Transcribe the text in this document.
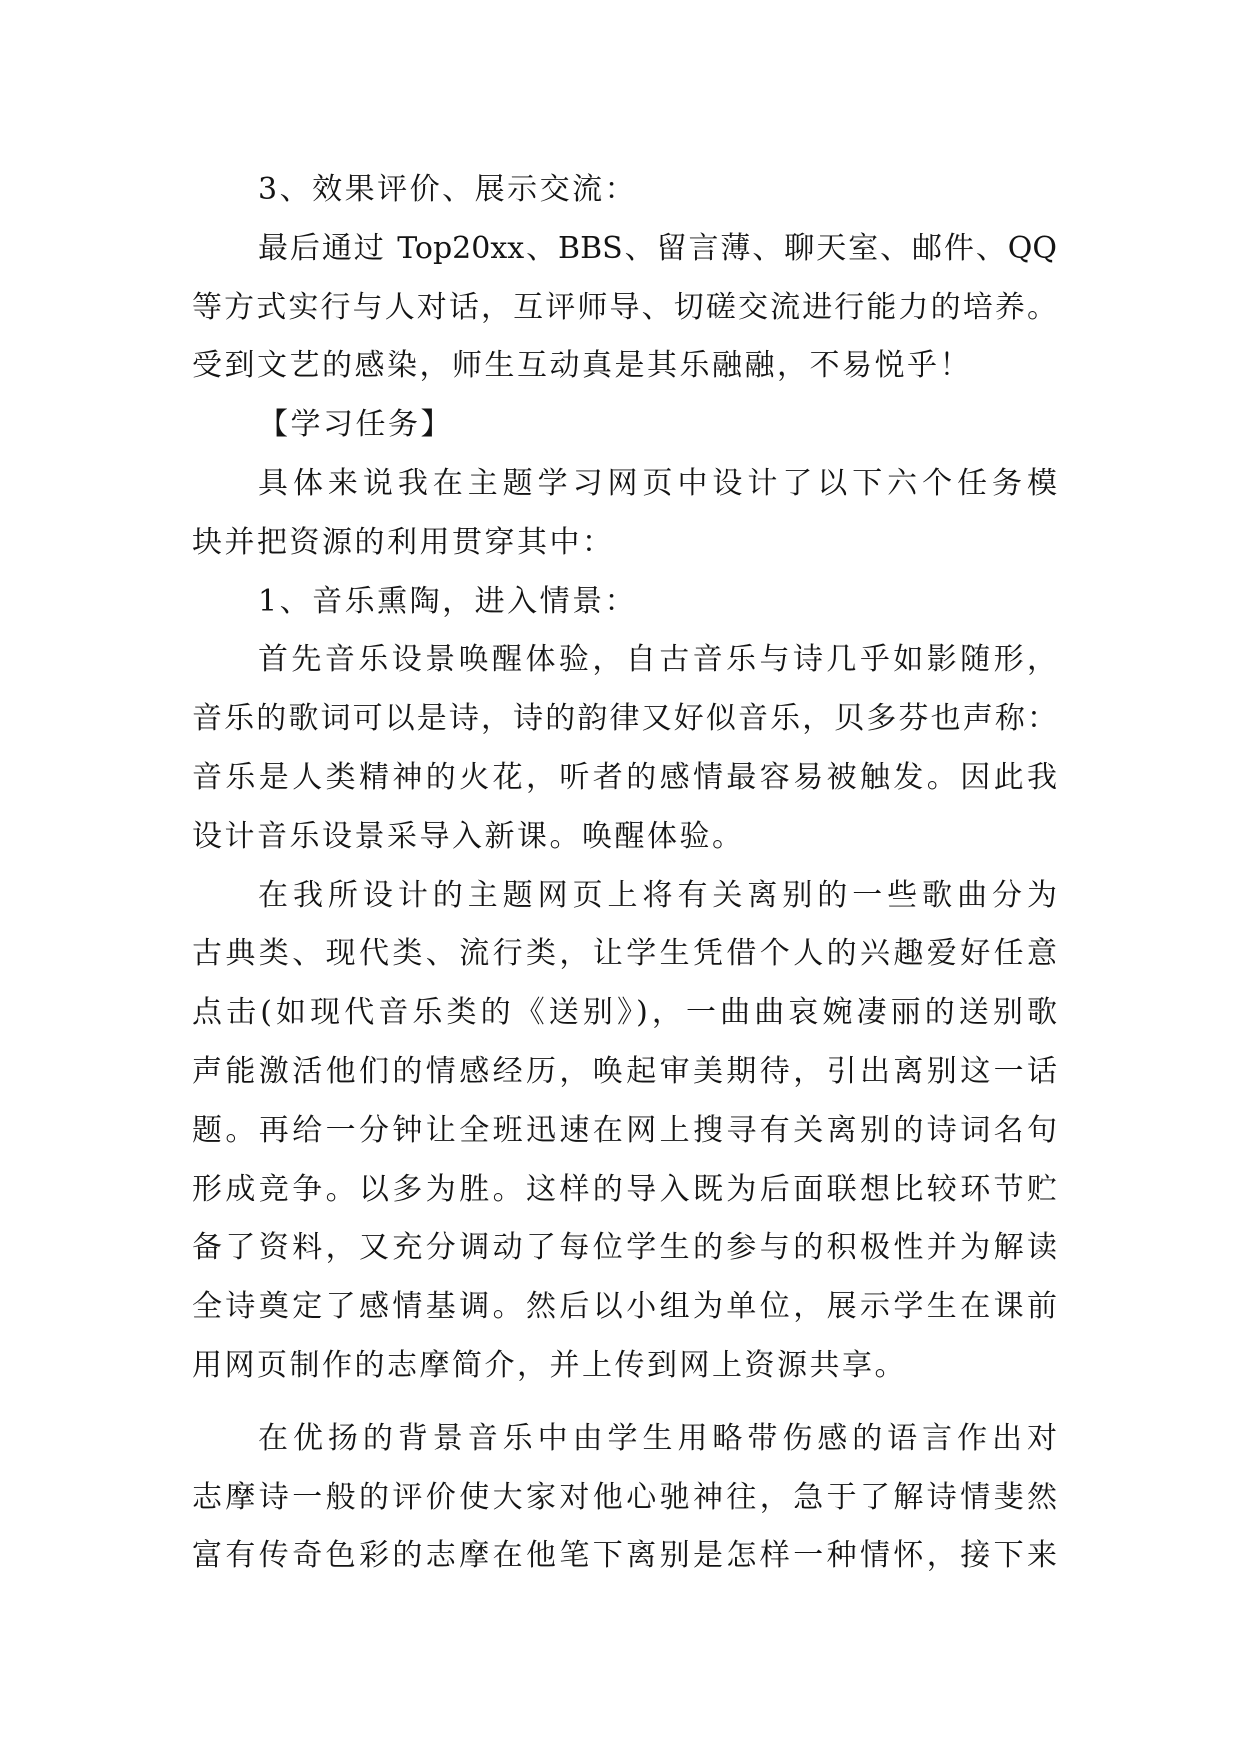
3、效果评价、展示交流：
最后通过 Top20xx、BBS、留言薄、聊天室、邮件、QQ
等方式实行与人对话，互评师导、切磋交流进行能力的培养。
受到文艺的感染，师生互动真是其乐融融，不易悦乎！
【学习任务】
具体来说我在主题学习网页中设计了以下六个任务模
块并把资源的利用贯穿其中：
1、音乐熏陶，进入情景：
首先音乐设景唤醒体验，自古音乐与诗几乎如影随形，
音乐的歌词可以是诗，诗的韵律又好似音乐，贝多芬也声称：
音乐是人类精神的火花，听者的感情最容易被触发。因此我
设计音乐设景采导入新课。唤醒体验。
在我所设计的主题网页上将有关离别的一些歌曲分为
古典类、现代类、流行类，让学生凭借个人的兴趣爱好任意
点击(如现代音乐类的《送别》)，一曲曲哀婉凄丽的送别歌
声能激活他们的情感经历，唤起审美期待，引出离别这一话
题。再给一分钟让全班迅速在网上搜寻有关离别的诗词名句
形成竞争。以多为胜。这样的导入既为后面联想比较环节贮
备了资料，又充分调动了每位学生的参与的积极性并为解读
全诗奠定了感情基调。然后以小组为单位，展示学生在课前
用网页制作的志摩简介，并上传到网上资源共享。
在优扬的背景音乐中由学生用略带伤感的语言作出对
志摩诗一般的评价使大家对他心驰神往，急于了解诗情斐然
富有传奇色彩的志摩在他笔下离别是怎样一种情怀，接下来
